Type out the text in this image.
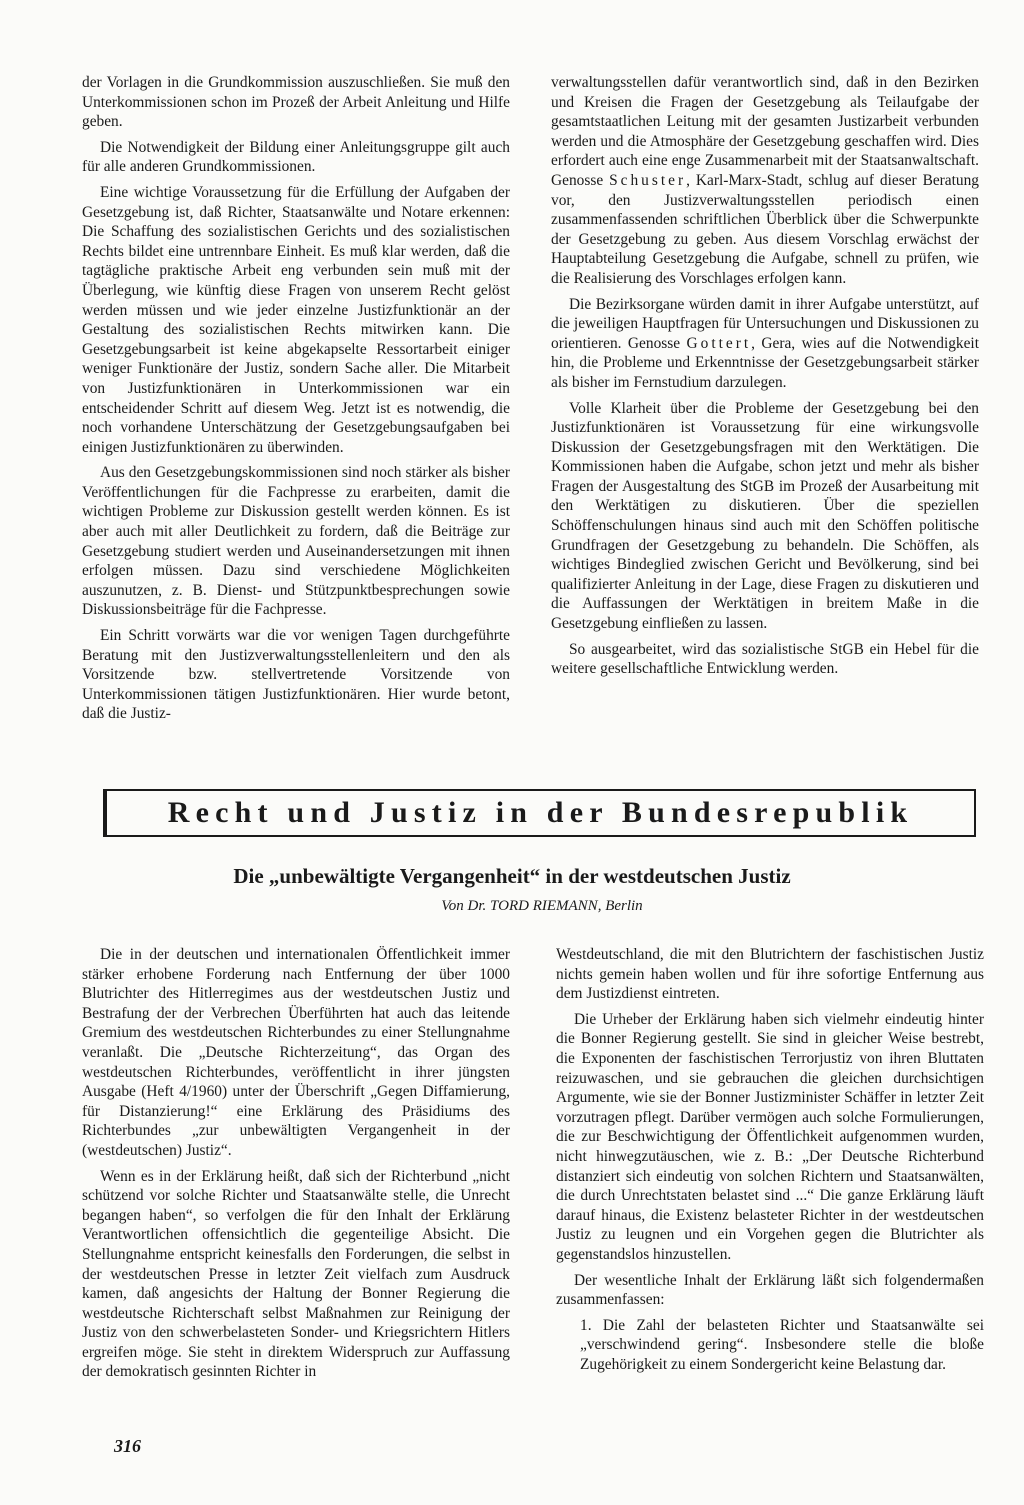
der Vorlagen in die Grundkommission auszuschließen. Sie muß den Unterkommissionen schon im Prozeß der Arbeit Anleitung und Hilfe geben.

Die Notwendigkeit der Bildung einer Anleitungsgruppe gilt auch für alle anderen Grundkommissionen.

Eine wichtige Voraussetzung für die Erfüllung der Aufgaben der Gesetzgebung ist, daß Richter, Staatsanwälte und Notare erkennen: Die Schaffung des sozialistischen Gerichts und des sozialistischen Rechts bildet eine untrennbare Einheit. Es muß klar werden, daß die tagtägliche praktische Arbeit eng verbunden sein muß mit der Überlegung, wie künftig diese Fragen von unserem Recht gelöst werden müssen und wie jeder einzelne Justizfunktionär an der Gestaltung des sozialistischen Rechts mitwirken kann. Die Gesetzgebungsarbeit ist keine abgekapselte Ressortarbeit einiger weniger Funktionäre der Justiz, sondern Sache aller. Die Mitarbeit von Justizfunktionären in Unterkommissionen war ein entscheidender Schritt auf diesem Weg. Jetzt ist es notwendig, die noch vorhandene Unterschätzung der Gesetzgebungsaufgaben bei einigen Justizfunktionären zu überwinden.

Aus den Gesetzgebungskommissionen sind noch stärker als bisher Veröffentlichungen für die Fachpresse zu erarbeiten, damit die wichtigen Probleme zur Diskussion gestellt werden können. Es ist aber auch mit aller Deutlichkeit zu fordern, daß die Beiträge zur Gesetzgebung studiert werden und Auseinandersetzungen mit ihnen erfolgen müssen. Dazu sind verschiedene Möglichkeiten auszunutzen, z. B. Dienst- und Stützpunktbesprechungen sowie Diskussionsbeiträge für die Fachpresse.

Ein Schritt vorwärts war die vor wenigen Tagen durchgeführte Beratung mit den Justizverwaltungsstellenleitern und den als Vorsitzende bzw. stellvertretende Vorsitzende von Unterkommissionen tätigen Justizfunktionären. Hier wurde betont, daß die Justiz-

verwaltungsstellen dafür verantwortlich sind, daß in den Bezirken und Kreisen die Fragen der Gesetzgebung als Teilaufgabe der gesamtstaatlichen Leitung mit der gesamten Justizarbeit verbunden werden und die Atmosphäre der Gesetzgebung geschaffen wird. Dies erfordert auch eine enge Zusammenarbeit mit der Staatsanwaltschaft. Genosse Schuster, Karl-Marx-Stadt, schlug auf dieser Beratung vor, den Justizverwaltungsstellen periodisch einen zusammenfassenden schriftlichen Überblick über die Schwerpunkte der Gesetzgebung zu geben. Aus diesem Vorschlag erwächst der Hauptabteilung Gesetzgebung die Aufgabe, schnell zu prüfen, wie die Realisierung des Vorschlages erfolgen kann.

Die Bezirksorgane würden damit in ihrer Aufgabe unterstützt, auf die jeweiligen Hauptfragen für Untersuchungen und Diskussionen zu orientieren. Genosse Gottert, Gera, wies auf die Notwendigkeit hin, die Probleme und Erkenntnisse der Gesetzgebungsarbeit stärker als bisher im Fernstudium darzulegen.

Volle Klarheit über die Probleme der Gesetzgebung bei den Justizfunktionären ist Voraussetzung für eine wirkungsvolle Diskussion der Gesetzgebungsfragen mit den Werktätigen. Die Kommissionen haben die Aufgabe, schon jetzt und mehr als bisher Fragen der Ausgestaltung des StGB im Prozeß der Ausarbeitung mit den Werktätigen zu diskutieren. Über die speziellen Schöffenschulungen hinaus sind auch mit den Schöffen politische Grundfragen der Gesetzgebung zu behandeln. Die Schöffen, als wichtiges Bindeglied zwischen Gericht und Bevölkerung, sind bei qualifizierter Anleitung in der Lage, diese Fragen zu diskutieren und die Auffassungen der Werktätigen in breitem Maße in die Gesetzgebung einfließen zu lassen.

So ausgearbeitet, wird das sozialistische StGB ein Hebel für die weitere gesellschaftliche Entwicklung werden.

Recht und Justiz in der Bundesrepublik
Die „unbewältigte Vergangenheit“ in der westdeutschen Justiz
Von Dr. TORD RIEMANN, Berlin

Die in der deutschen und internationalen Öffentlichkeit immer stärker erhobene Forderung nach Entfernung der über 1000 Blutrichter des Hitlerregimes aus der westdeutschen Justiz und Bestrafung der der Verbrechen Überführten hat auch das leitende Gremium des westdeutschen Richterbundes zu einer Stellungnahme veranlaßt. Die „Deutsche Richterzeitung“, das Organ des westdeutschen Richterbundes, veröffentlicht in ihrer jüngsten Ausgabe (Heft 4/1960) unter der Überschrift „Gegen Diffamierung, für Distanzierung!“ eine Erklärung des Präsidiums des Richterbundes „zur unbewältigten Vergangenheit in der (westdeutschen) Justiz“.

Wenn es in der Erklärung heißt, daß sich der Richterbund „nicht schützend vor solche Richter und Staatsanwälte stelle, die Unrecht begangen haben“, so verfolgen die für den Inhalt der Erklärung Verantwortlichen offensichtlich die gegenteilige Absicht. Die Stellungnahme entspricht keinesfalls den Forderungen, die selbst in der westdeutschen Presse in letzter Zeit vielfach zum Ausdruck kamen, daß angesichts der Haltung der Bonner Regierung die westdeutsche Richterschaft selbst Maßnahmen zur Reinigung der Justiz von den schwerbelasteten Sonder- und Kriegsrichtern Hitlers ergreifen möge. Sie steht in direktem Widerspruch zur Auffassung der demokratisch gesinnten Richter in

Westdeutschland, die mit den Blutrichtern der faschistischen Justiz nichts gemein haben wollen und für ihre sofortige Entfernung aus dem Justizdienst eintreten.

Die Urheber der Erklärung haben sich vielmehr eindeutig hinter die Bonner Regierung gestellt. Sie sind in gleicher Weise bestrebt, die Exponenten der faschistischen Terrorjustiz von ihren Bluttaten reizuwaschen, und sie gebrauchen die gleichen durchsichtigen Argumente, wie sie der Bonner Justizminister Schäffer in letzter Zeit vorzutragen pflegt. Darüber vermögen auch solche Formulierungen, die zur Beschwichtigung der Öffentlichkeit aufgenommen wurden, nicht hinwegzutäuschen, wie z. B.: „Der Deutsche Richterbund distanziert sich eindeutig von solchen Richtern und Staatsanwälten, die durch Unrechtstaten belastet sind ...“ Die ganze Erklärung läuft darauf hinaus, die Existenz belasteter Richter in der westdeutschen Justiz zu leugnen und ein Vorgehen gegen die Blutrichter als gegenstandslos hinzustellen.

Der wesentliche Inhalt der Erklärung läßt sich folgendermaßen zusammenfassen:

1. Die Zahl der belasteten Richter und Staatsanwälte sei „verschwindend gering“. Insbesondere stelle die bloße Zugehörigkeit zu einem Sondergericht keine Belastung dar.

316
